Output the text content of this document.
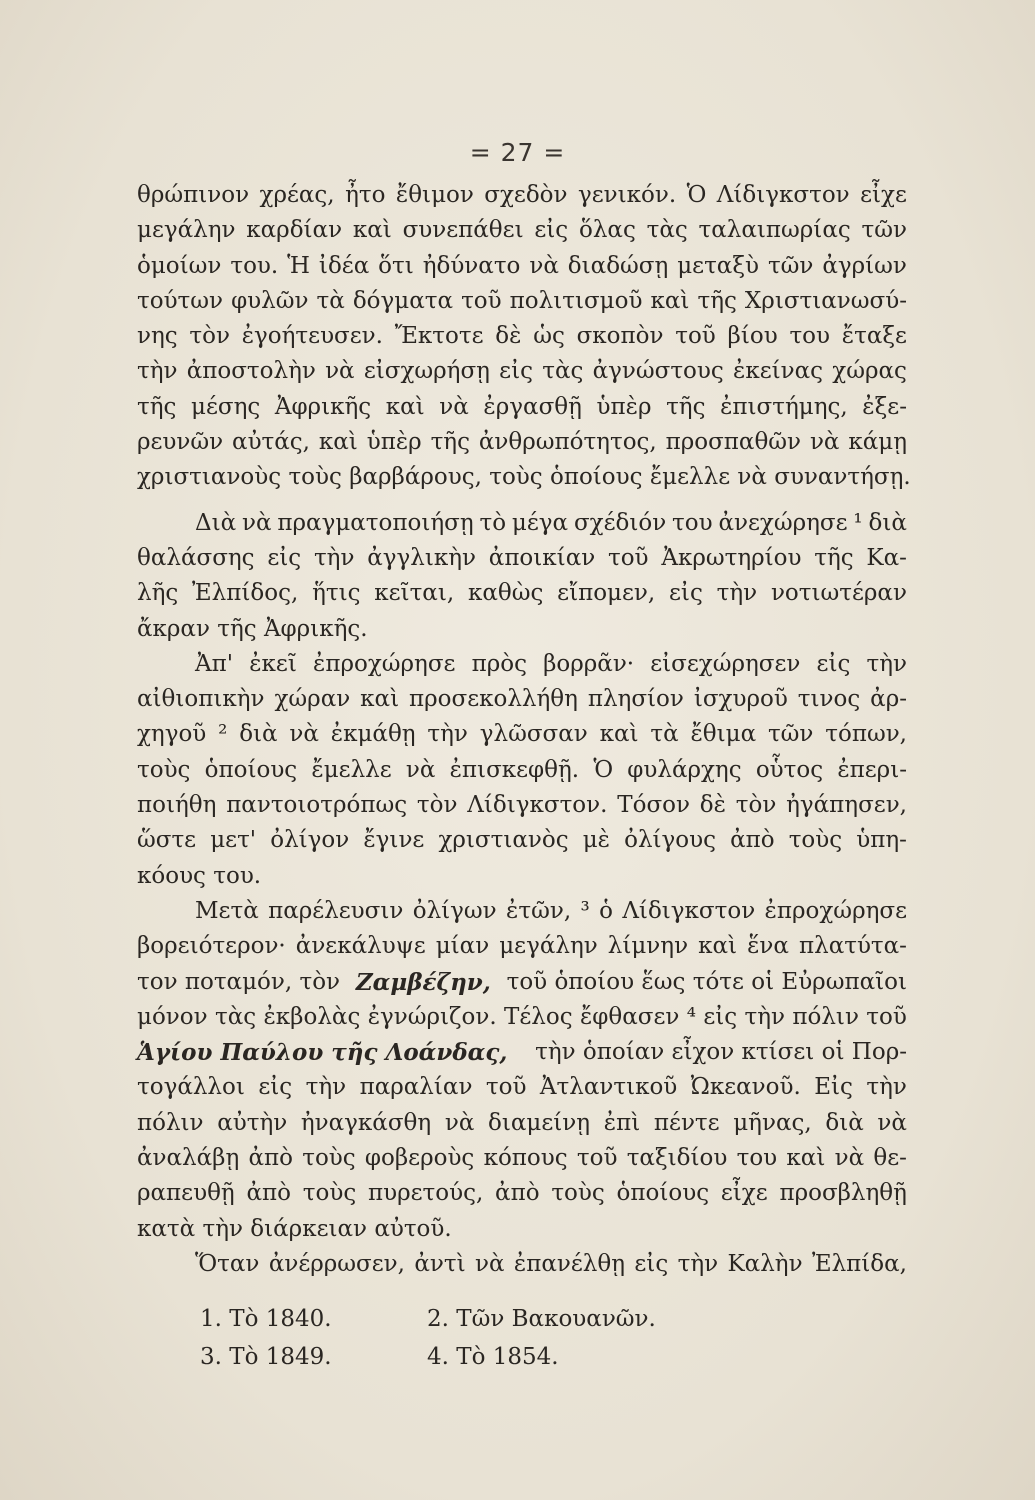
= 27 =
θρώπινον χρέας, ἦτο ἔθιμον σχεδὸν γενικόν. Ὁ Λίδιγκστον εἶχε
μεγάλην καρδίαν καὶ συνεπάθει εἰς ὅλας τὰς ταλαιπωρίας τῶν
ὁμοίων του. Ἡ ἰδέα ὅτι ἠδύνατο νὰ διαδώσῃ μεταξὺ τῶν ἀγρίων
τούτων φυλῶν τὰ δόγματα τοῦ πολιτισμοῦ καὶ τῆς Χριστιανωσύ-
νης τὸν ἐγοήτευσεν. Ἔκτοτε δὲ ὡς σκοπὸν τοῦ βίου του ἔταξε
τὴν ἀποστολὴν νὰ εἰσχωρήσῃ εἰς τὰς ἀγνώστους ἐκείνας χώρας
τῆς μέσης Ἀφρικῆς καὶ νὰ ἐργασθῇ ὑπὲρ τῆς ἐπιστήμης, ἐξε-
ρευνῶν αὐτάς, καὶ ὑπὲρ τῆς ἀνθρωπότητος, προσπαθῶν νὰ κάμῃ
χριστιανοὺς τοὺς βαρβάρους, τοὺς ὁποίους ἔμελλε νὰ συναντήσῃ.
Διὰ νὰ πραγματοποιήσῃ τὸ μέγα σχέδιόν του ἀνεχώρησε ¹ διὰ
θαλάσσης εἰς τὴν ἀγγλικὴν ἀποικίαν τοῦ Ἀκρωτηρίου τῆς Κα-
λῆς Ἐλπίδος, ἥτις κεῖται, καθὼς εἴπομεν, εἰς τὴν νοτιωτέραν
ἄκραν τῆς Ἀφρικῆς.
Ἀπ' ἐκεῖ ἐπροχώρησε πρὸς βορρᾶν· εἰσεχώρησεν εἰς τὴν
αἰθιοπικὴν χώραν καὶ προσεκολλήθη πλησίον ἰσχυροῦ τινος ἀρ-
χηγοῦ ² διὰ νὰ ἐκμάθῃ τὴν γλῶσσαν καὶ τὰ ἔθιμα τῶν τόπων,
τοὺς ὁποίους ἔμελλε νὰ ἐπισκεφθῇ. Ὁ φυλάρχης οὗτος ἐπερι-
ποιήθη παντοιοτρόπως τὸν Λίδιγκστον. Τόσον δὲ τὸν ἠγάπησεν,
ὥστε μετ' ὀλίγον ἔγινε χριστιανὸς μὲ ὀλίγους ἀπὸ τοὺς ὑπη-
κόους του.
Μετὰ παρέλευσιν ὀλίγων ἐτῶν, ³ ὁ Λίδιγκστον ἐπροχώρησε
βορειότερον· ἀνεκάλυψε μίαν μεγάλην λίμνην καὶ ἕνα πλατύτα-
τον ποταμόν, τὸν Ζαμβέζην, τοῦ ὁποίου ἕως τότε οἱ Εὐρωπαῖοι
μόνον τὰς ἐκβολὰς ἐγνώριζον. Τέλος ἔφθασεν ⁴ εἰς τὴν πόλιν τοῦ
Ἁγίου Παύλου τῆς Λοάνδας, τὴν ὁποίαν εἶχον κτίσει οἱ Πορ-
τογάλλοι εἰς τὴν παραλίαν τοῦ Ἀτλαντικοῦ Ὠκεανοῦ. Εἰς τὴν
πόλιν αὐτὴν ἠναγκάσθη νὰ διαμείνῃ ἐπὶ πέντε μῆνας, διὰ νὰ
ἀναλάβῃ ἀπὸ τοὺς φοβεροὺς κόπους τοῦ ταξιδίου του καὶ νὰ θε-
ραπευθῇ ἀπὸ τοὺς πυρετούς, ἀπὸ τοὺς ὁποίους εἶχε προσβληθῇ
κατὰ τὴν διάρκειαν αὐτοῦ.
Ὅταν ἀνέρρωσεν, ἀντὶ νὰ ἐπανέλθῃ εἰς τὴν Καλὴν Ἐλπίδα,
1. Τὸ 1840.	2. Τῶν Βακουανῶν.
3. Τὸ 1849.	4. Τὸ 1854.
